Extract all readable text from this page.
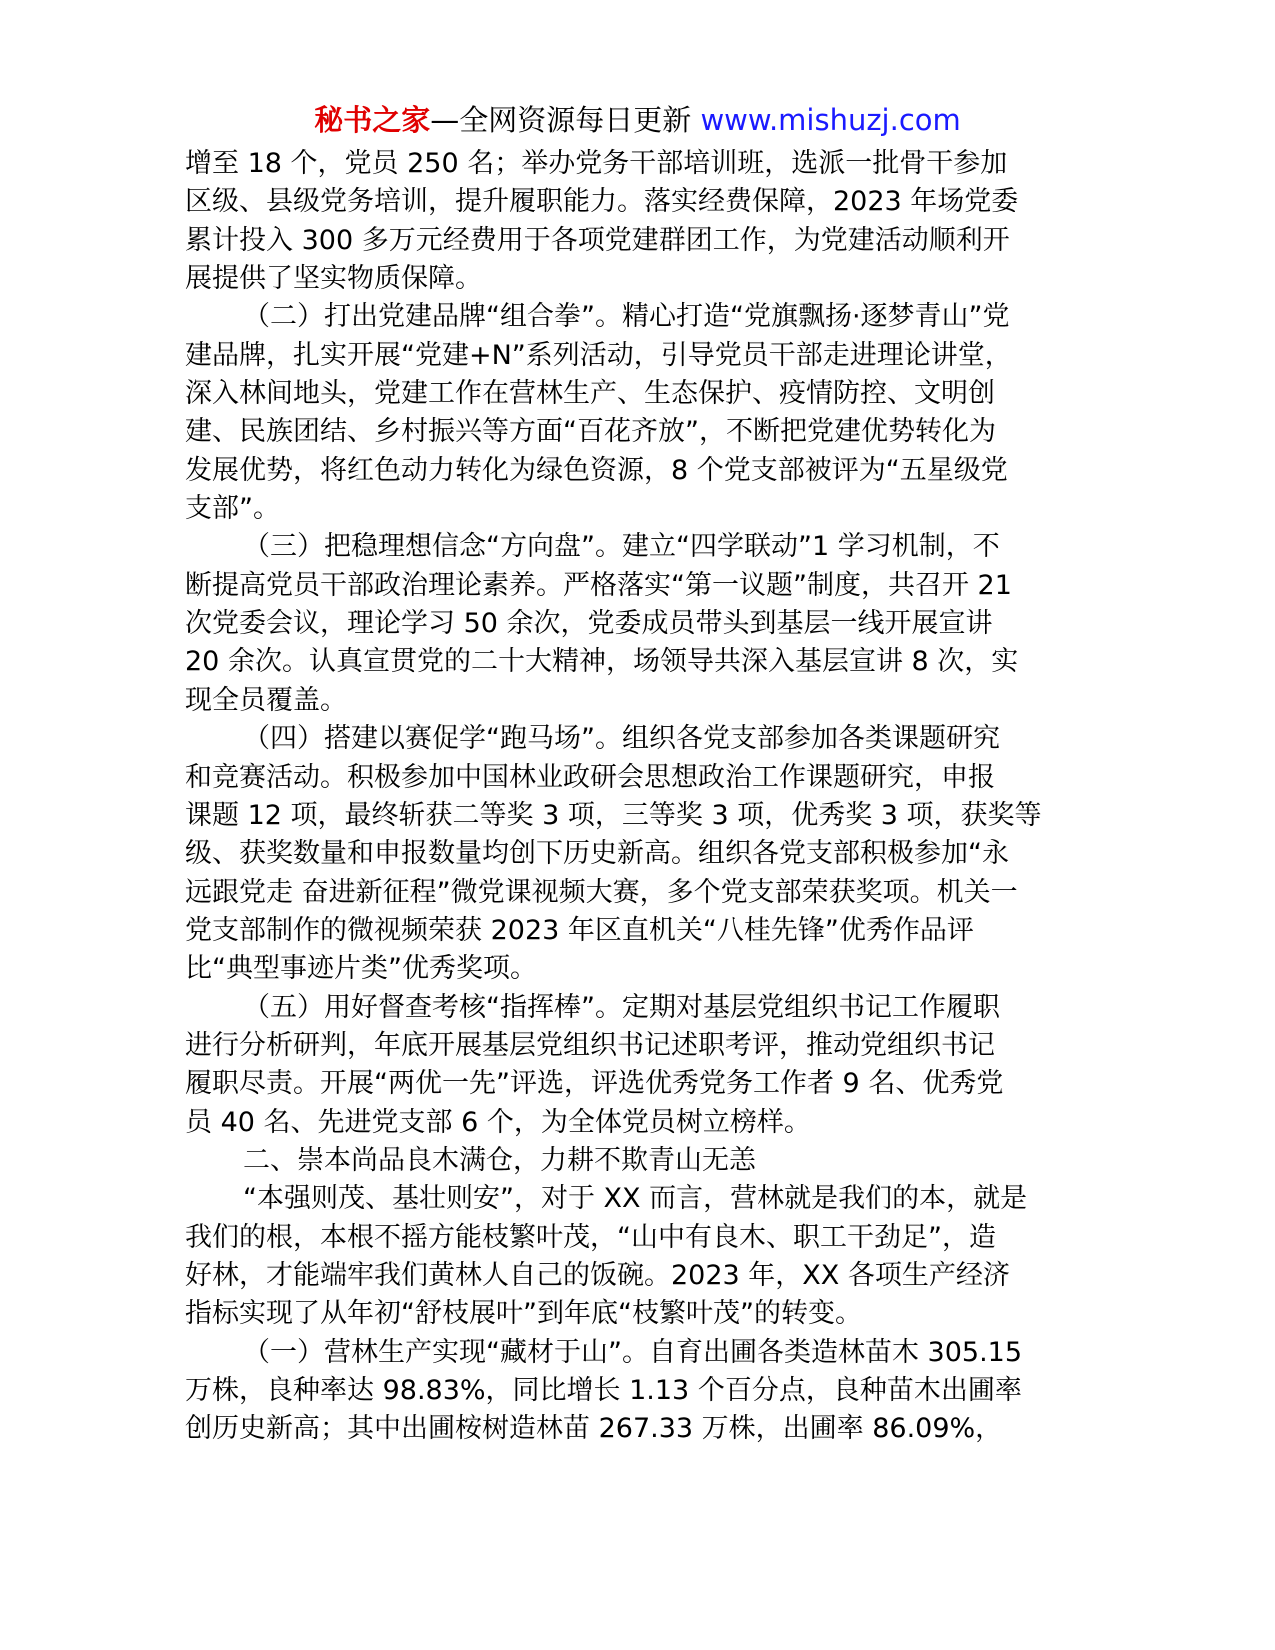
秘书之家—全网资源每日更新 www.mishuzj.com
增至 18 个，党员 250 名；举办党务干部培训班，选派一批骨干参加
区级、县级党务培训，提升履职能力。落实经费保障，2023 年场党委
累计投入 300 多万元经费用于各项党建群团工作，为党建活动顺利开
展提供了坚实物质保障。
（二）打出党建品牌“组合拳”。精心打造“党旗飘扬·逐梦青山”党
建品牌，扎实开展“党建+N”系列活动，引导党员干部走进理论讲堂，
深入林间地头，党建工作在营林生产、生态保护、疫情防控、文明创
建、民族团结、乡村振兴等方面“百花齐放”，不断把党建优势转化为
发展优势，将红色动力转化为绿色资源，8 个党支部被评为“五星级党
支部”。
（三）把稳理想信念“方向盘”。建立“四学联动”1 学习机制，不
断提高党员干部政治理论素养。严格落实“第一议题”制度，共召开 21
次党委会议，理论学习 50 余次，党委成员带头到基层一线开展宣讲
20 余次。认真宣贯党的二十大精神，场领导共深入基层宣讲 8 次，实
现全员覆盖。
（四）搭建以赛促学“跑马场”。组织各党支部参加各类课题研究
和竞赛活动。积极参加中国林业政研会思想政治工作课题研究，申报
课题 12 项，最终斩获二等奖 3 项，三等奖 3 项，优秀奖 3 项，获奖等
级、获奖数量和申报数量均创下历史新高。组织各党支部积极参加“永
远跟党走 奋进新征程”微党课视频大赛，多个党支部荣获奖项。机关一
党支部制作的微视频荣获 2023 年区直机关“八桂先锋”优秀作品评
比“典型事迹片类”优秀奖项。
（五）用好督查考核“指挥棒”。定期对基层党组织书记工作履职
进行分析研判，年底开展基层党组织书记述职考评，推动党组织书记
履职尽责。开展“两优一先”评选，评选优秀党务工作者 9 名、优秀党
员 40 名、先进党支部 6 个，为全体党员树立榜样。
二、崇本尚品良木满仓，力耕不欺青山无恙
“本强则茂、基壮则安”，对于 XX 而言，营林就是我们的本，就是
我们的根，本根不摇方能枝繁叶茂，“山中有良木、职工干劲足”，造
好林，才能端牢我们黄林人自己的饭碗。2023 年，XX 各项生产经济
指标实现了从年初“舒枝展叶”到年底“枝繁叶茂”的转变。
（一）营林生产实现“藏材于山”。自育出圃各类造林苗木 305.15
万株，良种率达 98.83%，同比增长 1.13 个百分点，良种苗木出圃率
创历史新高；其中出圃桉树造林苗 267.33 万株，出圃率 86.09%，
